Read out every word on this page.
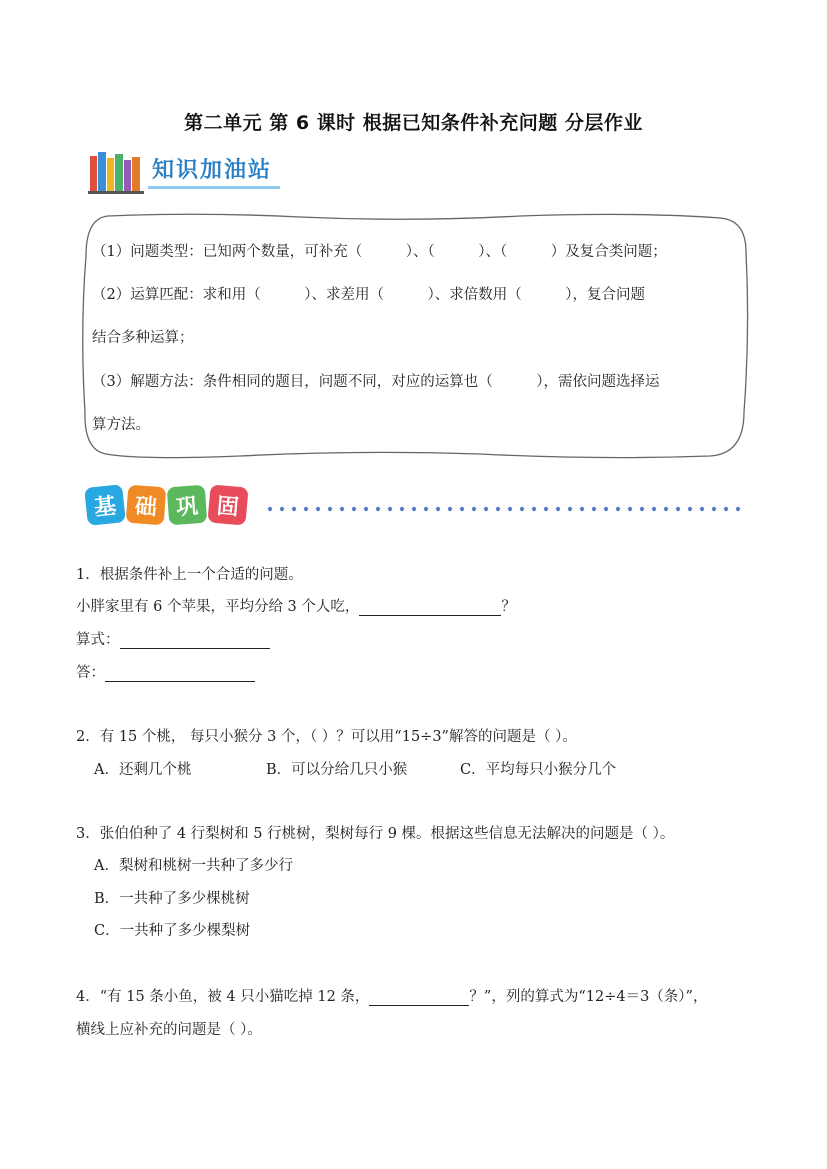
第二单元 第 6 课时 根据已知条件补充问题 分层作业
知识加油站
（1）问题类型：已知两个数量，可补充（　　　）、（　　　）、（　　　）及复合类问题；
（2）运算匹配：求和用（　　　）、求差用（　　　）、求倍数用（　　　），复合问题
结合多种运算；
（3）解题方法：条件相同的题目，问题不同，对应的运算也（　　　），需依问题选择运
算方法。
基 础 巩 固
1．根据条件补上一个合适的问题。
小胖家里有 6 个苹果，平均分给 3 个人吃，	？
算式：
答：
2．有 15 个桃， 每只小猴分 3 个，（ ）？可以用“15÷3”解答的问题是（ ）。
A．还剩几个桃	B．可以分给几只小猴	C．平均每只小猴分几个
3．张伯伯种了 4 行梨树和 5 行桃树，梨树每行 9 棵。根据这些信息无法解决的问题是（ ）。
A．梨树和桃树一共种了多少行
B．一共种了多少棵桃树
C．一共种了多少棵梨树
4．“有 15 条小鱼，被 4 只小猫吃掉 12 条，	？”，列的算式为“12÷4＝3（条）”，
横线上应补充的问题是（ ）。
